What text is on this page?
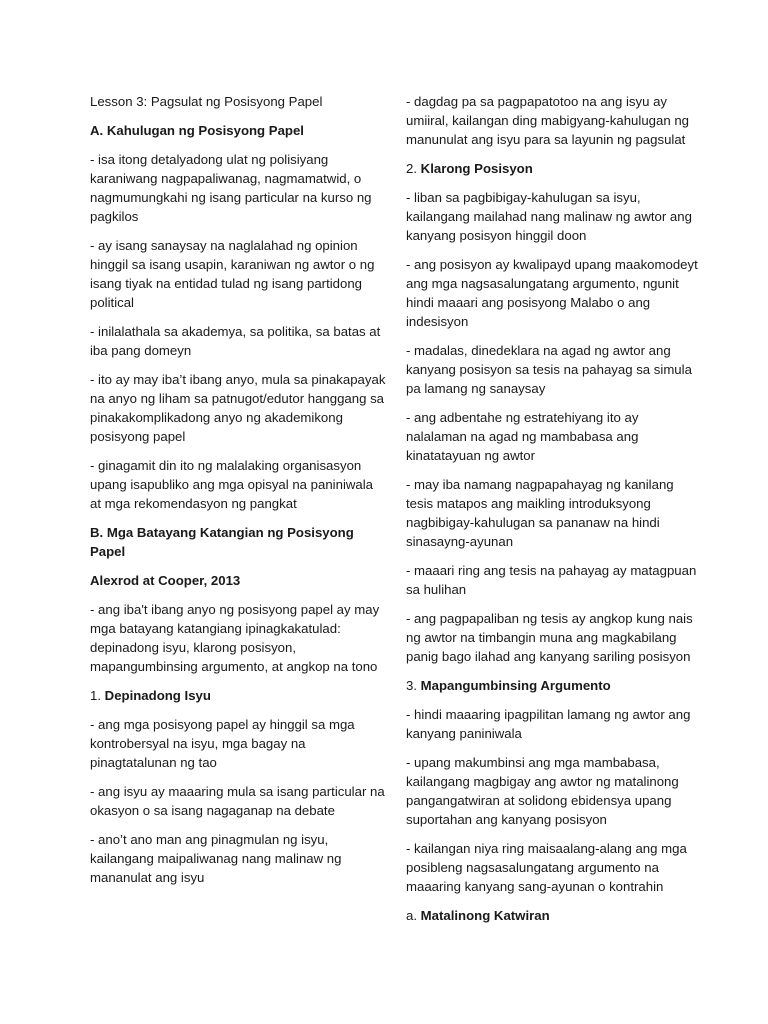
Lesson 3: Pagsulat ng Posisyong Papel

A. Kahulugan ng Posisyong Papel

- isa itong detalyadong ulat ng polisiyang karaniwang nagpapaliwanag, nagmamatwid, o nagmumungkahi ng isang particular na kurso ng pagkilos

- ay isang sanaysay na naglalahad ng opinion hinggil sa isang usapin, karaniwan ng awtor o ng isang tiyak na entidad tulad ng isang partidong political

- inilalathala sa akademya, sa politika, sa batas at iba pang domeyn

- ito ay may iba’t ibang anyo, mula sa pinakapayak na anyo ng liham sa patnugot/edutor hanggang sa pinakakomplikadong anyo ng akademikong posisyong papel

- ginagamit din ito ng malalaking organisasyon upang isapubliko ang mga opisyal na paniniwala at mga rekomendasyon ng pangkat

B. Mga Batayang Katangian ng Posisyong Papel

Alexrod at Cooper, 2013

- ang iba't ibang anyo ng posisyong papel ay may mga batayang katangiang ipinagkakatulad: depinadong isyu, klarong posisyon, mapangumbinsing argumento, at angkop na tono

1. Depinadong Isyu

- ang mga posisyong papel ay hinggil sa mga kontrobersyal na isyu, mga bagay na pinagtatalunan ng tao

- ang isyu ay maaaring mula sa isang particular na okasyon o sa isang nagaganap na debate

- ano’t ano man ang pinagmulan ng isyu, kailangang maipaliwanag nang malinaw ng mananulat ang isyu

- dagdag pa sa pagpapatotoo na ang isyu ay umiiral, kailangan ding mabigyang-kahulugan ng manunulat ang isyu para sa layunin ng pagsulat

2. Klarong Posisyon

- liban sa pagbibigay-kahulugan sa isyu, kailangang mailahad nang malinaw ng awtor ang kanyang posisyon hinggil doon

- ang posisyon ay kwalipayd upang maakomodeyt ang mga nagsasalungatang argumento, ngunit hindi maaari ang posisyong Malabo o ang indesisyon

- madalas, dinedeklara na agad ng awtor ang kanyang posisyon sa tesis na pahayag sa simula pa lamang ng sanaysay

- ang adbentahe ng estratehiyang ito ay nalalaman na agad ng mambabasa ang kinatatayuan ng awtor

- may iba namang nagpapahayag ng kanilang tesis matapos ang maikling introduksyong nagbibigay-kahulugan sa pananaw na hindi sinasayng-ayunan

- maaari ring ang tesis na pahayag ay matagpuan sa hulihan

- ang pagpapaliban ng tesis ay angkop kung nais ng awtor na timbangin muna ang magkabilang panig bago ilahad ang kanyang sariling posisyon

3. Mapangumbinsing Argumento

- hindi maaaring ipagpilitan lamang ng awtor ang kanyang paniniwala

- upang makumbinsi ang mga mambabasa, kailangang magbigay ang awtor ng matalinong pangangatwiran at solidong ebidensya upang suportahan ang kanyang posisyon

- kailangan niya ring maisaalang-alang ang mga posibleng nagsasalungatang argumento na maaaring kanyang sang-ayunan o kontrahin

a. Matalinong Katwiran
